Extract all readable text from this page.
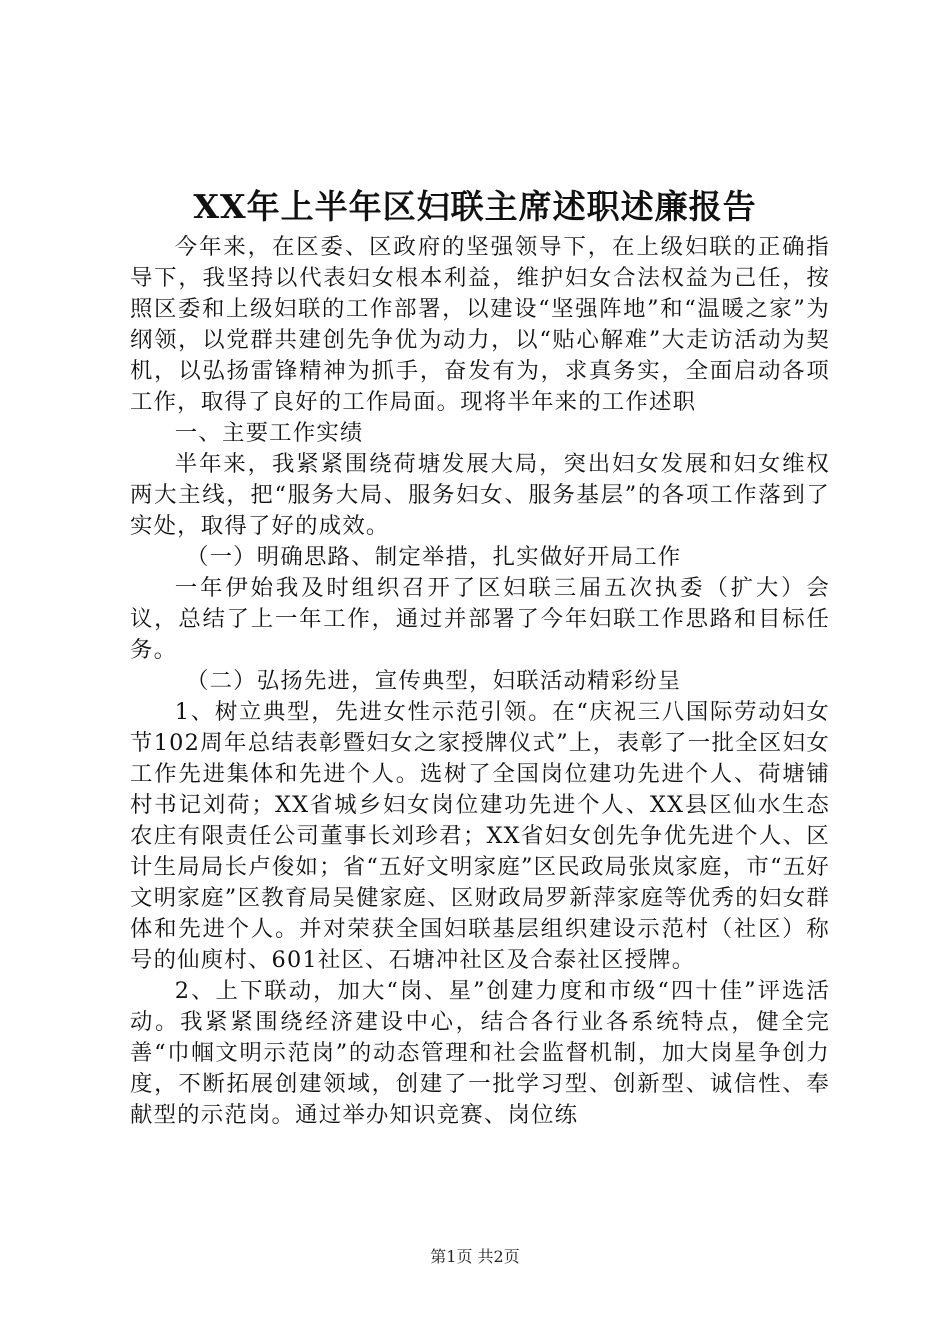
XX年上半年区妇联主席述职述廉报告

今年来，在区委、区政府的坚强领导下，在上级妇联的正确指导下，我坚持以代表妇女根本利益，维护妇女合法权益为己任，按照区委和上级妇联的工作部署，以建设“坚强阵地”和“温暖之家”为纲领，以党群共建创先争优为动力，以“贴心解难”大走访活动为契机，以弘扬雷锋精神为抓手，奋发有为，求真务实，全面启动各项工作，取得了良好的工作局面。现将半年来的工作述职

一、主要工作实绩

半年来，我紧紧围绕荷塘发展大局，突出妇女发展和妇女维权两大主线，把“服务大局、服务妇女、服务基层”的各项工作落到了实处，取得了好的成效。

（一）明确思路、制定举措，扎实做好开局工作

一年伊始我及时组织召开了区妇联三届五次执委（扩大）会议，总结了上一年工作，通过并部署了今年妇联工作思路和目标任务。

（二）弘扬先进，宣传典型，妇联活动精彩纷呈

1、树立典型，先进女性示范引领。在“庆祝三八国际劳动妇女节102周年总结表彰暨妇女之家授牌仪式”上，表彰了一批全区妇女工作先进集体和先进个人。选树了全国岗位建功先进个人、荷塘铺村书记刘荷；XX省城乡妇女岗位建功先进个人、XX县区仙水生态农庄有限责任公司董事长刘珍君；XX省妇女创先争优先进个人、区计生局局长卢俊如；省“五好文明家庭”区民政局张岚家庭，市“五好文明家庭”区教育局吴健家庭、区财政局罗新萍家庭等优秀的妇女群体和先进个人。并对荣获全国妇联基层组织建设示范村（社区）称号的仙庾村、601社区、石塘冲社区及合泰社区授牌。

2、上下联动，加大“岗、星”创建力度和市级“四十佳”评选活动。我紧紧围绕经济建设中心，结合各行业各系统特点，健全完善“巾帼文明示范岗”的动态管理和社会监督机制，加大岗星争创力度，不断拓展创建领域，创建了一批学习型、创新型、诚信性、奉献型的示范岗。通过举办知识竞赛、岗位练

第1页 共2页
